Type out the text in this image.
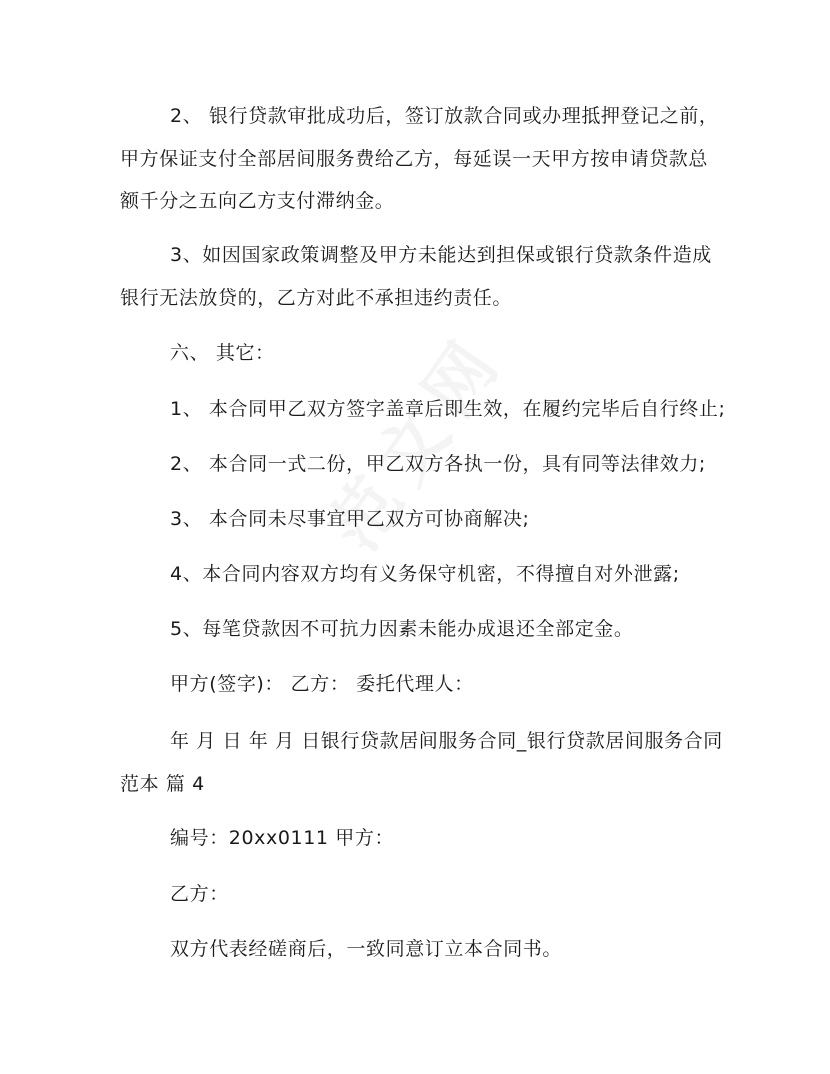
2、 银行贷款审批成功后，签订放款合同或办理抵押登记之前，

甲方保证支付全部居间服务费给乙方，每延误一天甲方按申请贷款总

额千分之五向乙方支付滞纳金。

3、如因国家政策调整及甲方未能达到担保或银行贷款条件造成

银行无法放贷的，乙方对此不承担违约责任。

六、 其它：

1、 本合同甲乙双方签字盖章后即生效，在履约完毕后自行终止;

2、 本合同一式二份，甲乙双方各执一份，具有同等法律效力;

3、 本合同未尽事宜甲乙双方可协商解决;

4、本合同内容双方均有义务保守机密，不得擅自对外泄露;

5、每笔贷款因不可抗力因素未能办成退还全部定金。

甲方(签字)： 乙方： 委托代理人：

年 月 日 年 月 日银行贷款居间服务合同_银行贷款居间服务合同

范本 篇 4

编号：20xx0111 甲方：

乙方：

双方代表经磋商后，一致同意订立本合同书。
